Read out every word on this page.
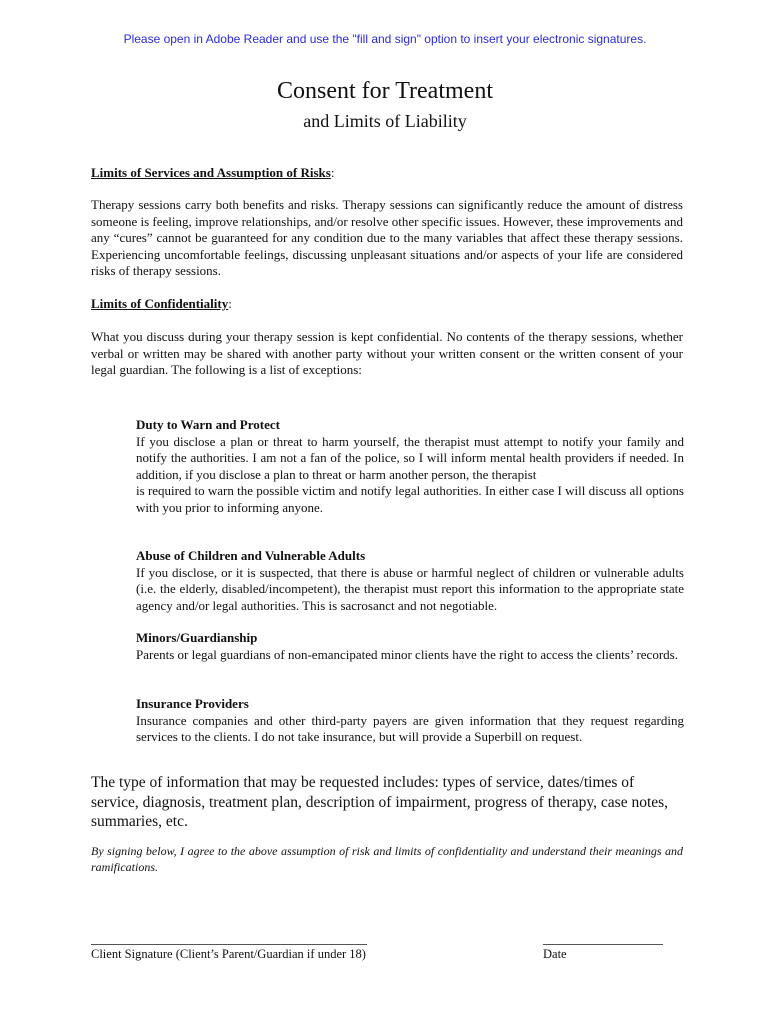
Please open in Adobe Reader and use the "fill and sign" option to insert your electronic signatures.
Consent for Treatment
and Limits of Liability
Limits of Services and Assumption of Risks:
Therapy sessions carry both benefits and risks. Therapy sessions can significantly reduce the amount of distress someone is feeling, improve relationships, and/or resolve other specific issues. However, these improvements and any “cures” cannot be guaranteed for any condition due to the many variables that affect these therapy sessions. Experiencing uncomfortable feelings, discussing unpleasant situations and/or aspects of your life are considered risks of therapy sessions.
Limits of Confidentiality:
What you discuss during your therapy session is kept confidential. No contents of the therapy sessions, whether verbal or written may be shared with another party without your written consent or the written consent of your legal guardian. The following is a list of exceptions:
Duty to Warn and Protect
If you disclose a plan or threat to harm yourself, the therapist must attempt to notify your family and notify the authorities. I am not a fan of the police, so I will inform mental health providers if needed. In addition, if you disclose a plan to threat or harm another person, the therapist
is required to warn the possible victim and notify legal authorities. In either case I will discuss all options with you prior to informing anyone.
Abuse of Children and Vulnerable Adults
If you disclose, or it is suspected, that there is abuse or harmful neglect of children or vulnerable adults (i.e. the elderly, disabled/incompetent), the therapist must report this information to the appropriate state agency and/or legal authorities. This is sacrosanct and not negotiable.
Minors/Guardianship
Parents or legal guardians of non-emancipated minor clients have the right to access the clients’ records.
Insurance Providers
Insurance companies and other third-party payers are given information that they request regarding services to the clients. I do not take insurance, but will provide a Superbill on request.
The type of information that may be requested includes: types of service, dates/times of service, diagnosis, treatment plan, description of impairment, progress of therapy, case notes, summaries, etc.
By signing below, I agree to the above assumption of risk and limits of confidentiality and understand their meanings and ramifications.
Client Signature (Client’s Parent/Guardian if under 18)	Date
